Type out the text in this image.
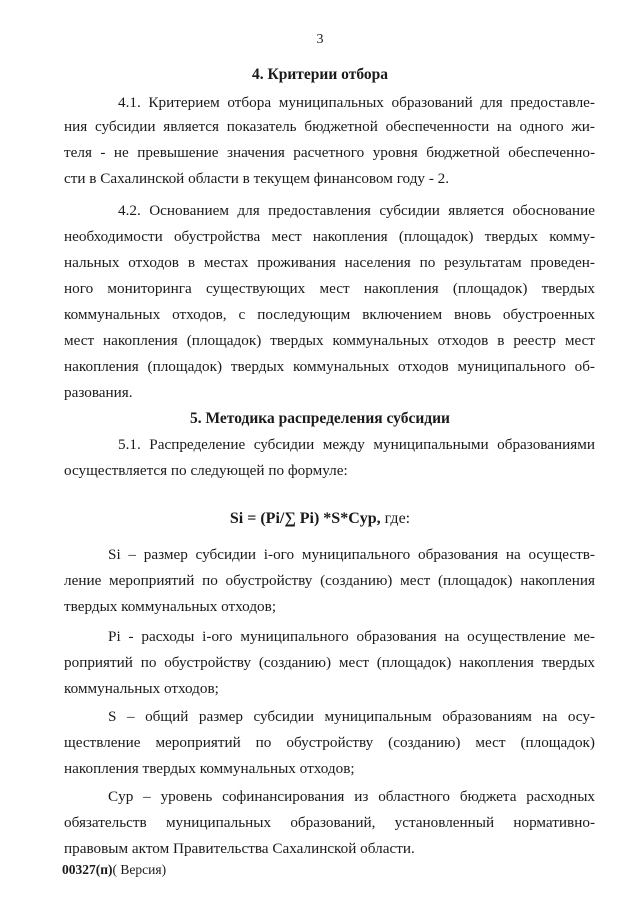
3
4. Критерии отбора
4.1. Критерием отбора муниципальных образований для предоставле-
ния субсидии является показатель бюджетной обеспеченности на одного жи-
теля - не превышение значения расчетного уровня бюджетной обеспеченно-
сти в Сахалинской области в текущем финансовом году - 2.
4.2. Основанием для предоставления субсидии является обоснование
необходимости обустройства мест накопления (площадок) твердых комму-
нальных отходов в местах проживания населения по результатам проведен-
ного мониторинга существующих мест накопления (площадок) твердых
коммунальных отходов, с последующим включением вновь обустроенных
мест накопления (площадок) твердых коммунальных отходов в реестр мест
накопления (площадок) твердых коммунальных отходов муниципального об-
разования.
5. Методика распределения субсидии
5.1. Распределение субсидии между муниципальными образованиями
осуществляется по следующей по формуле:
Si = (Pi/∑ Pi) *S*Cур, где:
Si – размер субсидии i-ого муниципального образования на осуществ-
ление мероприятий по обустройству (созданию) мест (площадок) накопления
твердых коммунальных отходов;
Pi - расходы i-ого муниципального образования на осуществление ме-
роприятий по обустройству (созданию) мест (площадок) накопления твердых
коммунальных отходов;
S – общий размер субсидии муниципальным образованиям на осу-
ществление мероприятий по обустройству (созданию) мест (площадок)
накопления твердых коммунальных отходов;
Cур – уровень софинансирования из областного бюджета расходных
обязательств муниципальных образований, установленный нормативно-
правовым актом Правительства Сахалинской области.
00327(п)( Версия)
